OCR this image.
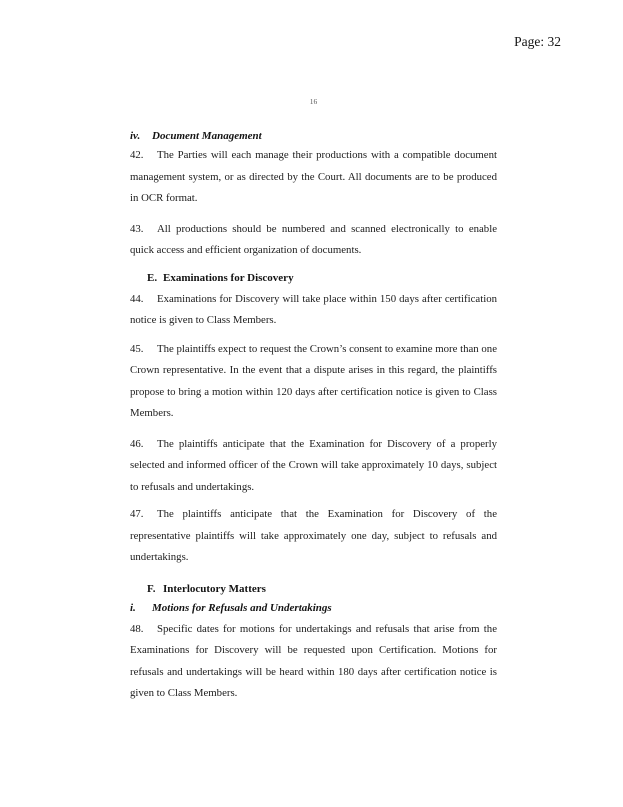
Page: 32
16
iv. Document Management

42. The Parties will each manage their productions with a compatible document management system, or as directed by the Court. All documents are to be produced in OCR format.

43. All productions should be numbered and scanned electronically to enable quick access and efficient organization of documents.

E. Examinations for Discovery

44. Examinations for Discovery will take place within 150 days after certification notice is given to Class Members.

45. The plaintiffs expect to request the Crown’s consent to examine more than one Crown representative. In the event that a dispute arises in this regard, the plaintiffs propose to bring a motion within 120 days after certification notice is given to Class Members.

46. The plaintiffs anticipate that the Examination for Discovery of a properly selected and informed officer of the Crown will take approximately 10 days, subject to refusals and undertakings.

47. The plaintiffs anticipate that the Examination for Discovery of the representative plaintiffs will take approximately one day, subject to refusals and undertakings.

F. Interlocutory Matters
i. Motions for Refusals and Undertakings

48. Specific dates for motions for undertakings and refusals that arise from the Examinations for Discovery will be requested upon Certification. Motions for refusals and undertakings will be heard within 180 days after certification notice is given to Class Members.
